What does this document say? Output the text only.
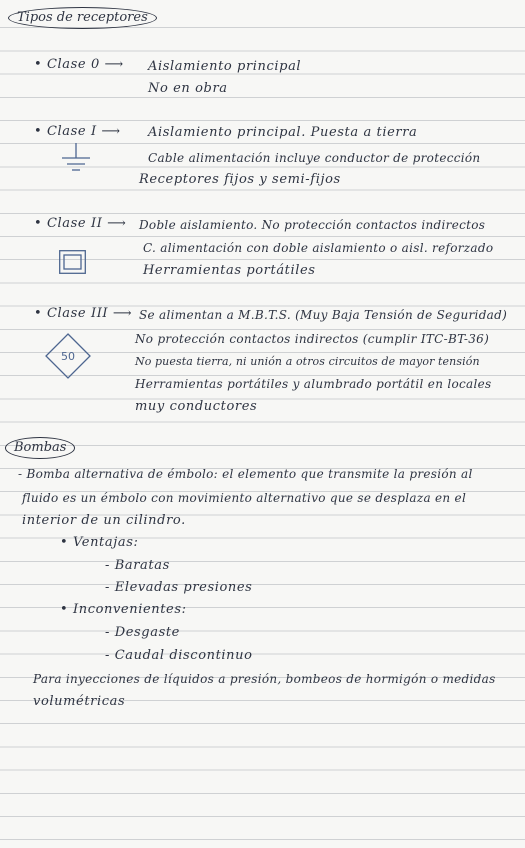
Tipos de receptores
• Clase 0 ⟶ Aislamiento principal
No en obra
• Clase I ⟶ Aislamiento principal. Puesta a tierra
Cable alimentación incluye conductor de protección
Receptores fijos y semi-fijos
• Clase II ⟶ Doble aislamiento. No protección contactos indirectos
C. alimentación con doble aislamiento o aisl. reforzado
Herramientas portátiles
• Clase III ⟶ Se alimentan a M.B.T.S. (Muy Baja Tensión de Seguridad)
No protección contactos indirectos (cumplir ITC-BT-36)
No puesta tierra, ni unión a otros circuitos de mayor tensión
Herramientas portátiles y alumbrado portátil en locales
muy conductores
50
Bombas
- Bomba alternativa de émbolo: el elemento que transmite la presión al
fluido es un émbolo con movimiento alternativo que se desplaza en el
interior de un cilindro.
• Ventajas:
- Baratas
- Elevadas presiones
• Inconvenientes:
- Desgaste
- Caudal discontinuo
Para inyecciones de líquidos a presión, bombeos de hormigón o medidas
volumétricas
